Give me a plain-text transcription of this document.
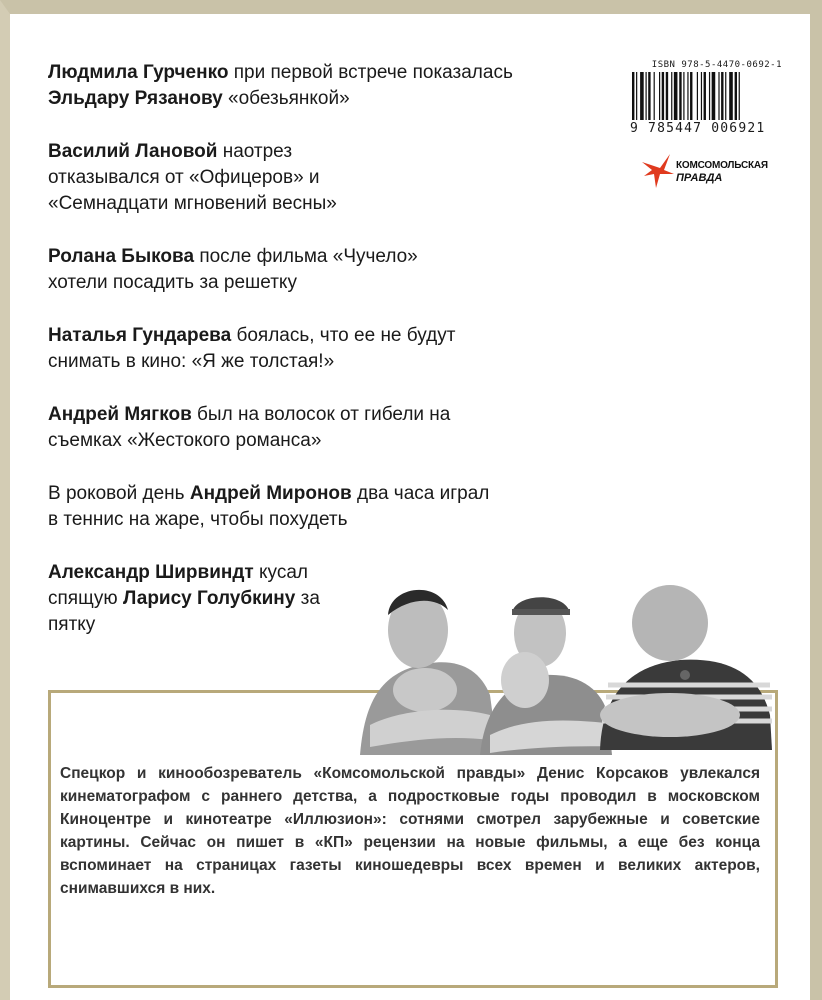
Людмила Гурченко при первой встрече показалась Эльдару Рязанову «обезьянкой»

Василий Лановой наотрез отказывался от «Офицеров» и «Семнадцати мгновений весны»

Ролана Быкова после фильма «Чучело» хотели посадить за решетку

Наталья Гундарева боялась, что ее не будут снимать в кино: «Я же толстая!»

Андрей Мягков был на волосок от гибели на съемках «Жестокого романса»

В роковой день Андрей Миронов два часа играл в теннис на жаре, чтобы похудеть

Александр Ширвиндт кусал спящую Ларису Голубкину за пятку

ISBN 978-5-4470-0692-1
9 785447 006921
КОМСОМОЛЬСКАЯ
ПРАВДА
Спецкор и кинообозреватель «Комсомольской правды» Денис Корсаков увлекался кинематографом с раннего детства, а подростковые годы проводил в московском Киноцентре и кинотеатре «Иллюзион»: сотнями смотрел зарубежные и советские картины. Сейчас он пишет в «КП» рецензии на новые фильмы, а еще без конца вспоминает на страницах газеты киношедевры всех времен и великих актеров, снимавшихся в них.
